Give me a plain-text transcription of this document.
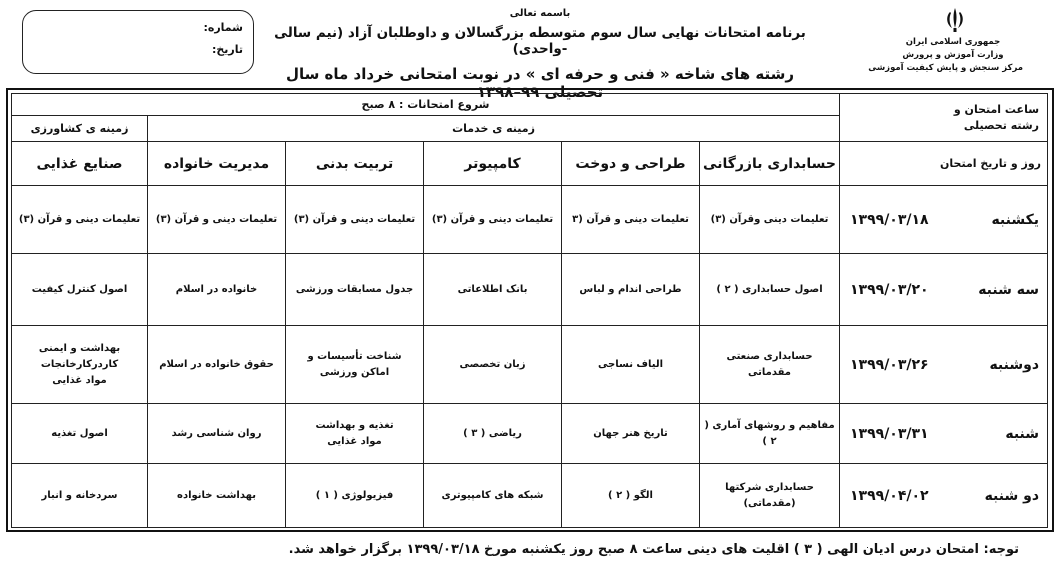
جمهوری اسلامی ایران
وزارت آموزش و پرورش
مرکز سنجش و پایش کیفیت آموزشی
باسمه تعالی
برنامه امتحانات نهایی سال سوم متوسطه بزرگسالان و داوطلبان آزاد (نیم سالی -واحدی)
رشته های شاخه « فنی و حرفه ای » در نوبت امتحانی خرداد ماه سال تحصیلی ۹۹–۱۳۹۸
شماره:
تاریخ:
ساعت امتحان و
رشته تحصیلی	شروع امتحانات : ۸ صبح					
	زمینه ی خدمات					زمینه ی کشاورزی
روز و تاریخ امتحان	حسابداری بازرگانی	طراحی و دوخت	کامپیوتر	تربیت بدنی	مدیریت خانواده	صنایع غذایی

یکشنبه
۱۳۹۹/۰۳/۱۸	تعلیمات دینی وقرآن (۳)	تعلیمات دینی و قرآن (۳	تعلیمات دینی و قرآن (۳)	تعلیمات دینی و قرآن (۳)	تعلیمات دینی و قرآن (۳)	تعلیمات دینی و قرآن (۳)

سه شنبه
۱۳۹۹/۰۳/۲۰	اصول حسابداری ( ۲ )	طراحی اندام و لباس	بانک اطلاعاتی	جدول مسابقات ورزشی	خانواده در اسلام	اصول کنترل کیفیت

دوشنبه
۱۳۹۹/۰۳/۲۶	حسابداری صنعتی
مقدماتی	الیاف نساجی	زبان تخصصی	شناخت تأسیسات و
اماکن ورزشی	حقوق خانواده در اسلام	بهداشت و ایمنی
کاردرکارخانجات
مواد غذایی

شنبه
۱۳۹۹/۰۳/۳۱	مفاهیم و روشهای آماری ( ۲ )	تاریخ هنر جهان	ریاضی ( ۳ )	تغذیه و بهداشت
مواد غذایی	روان شناسی رشد	اصول تغذیه

دو شنبه
۱۳۹۹/۰۴/۰۲	حسابداری شرکتها
(مقدماتی)	الگو ( ۲ )	شبکه های کامپیوتری	فیزیولوژی ( ۱ )	بهداشت خانواده	سردخانه و انبار
توجه: امتحان درس ادیان الهی ( ۳ ) اقلیت های دینی ساعت ۸ صبح روز یکشنبه مورخ ۱۳۹۹/۰۳/۱۸ برگزار خواهد شد.
